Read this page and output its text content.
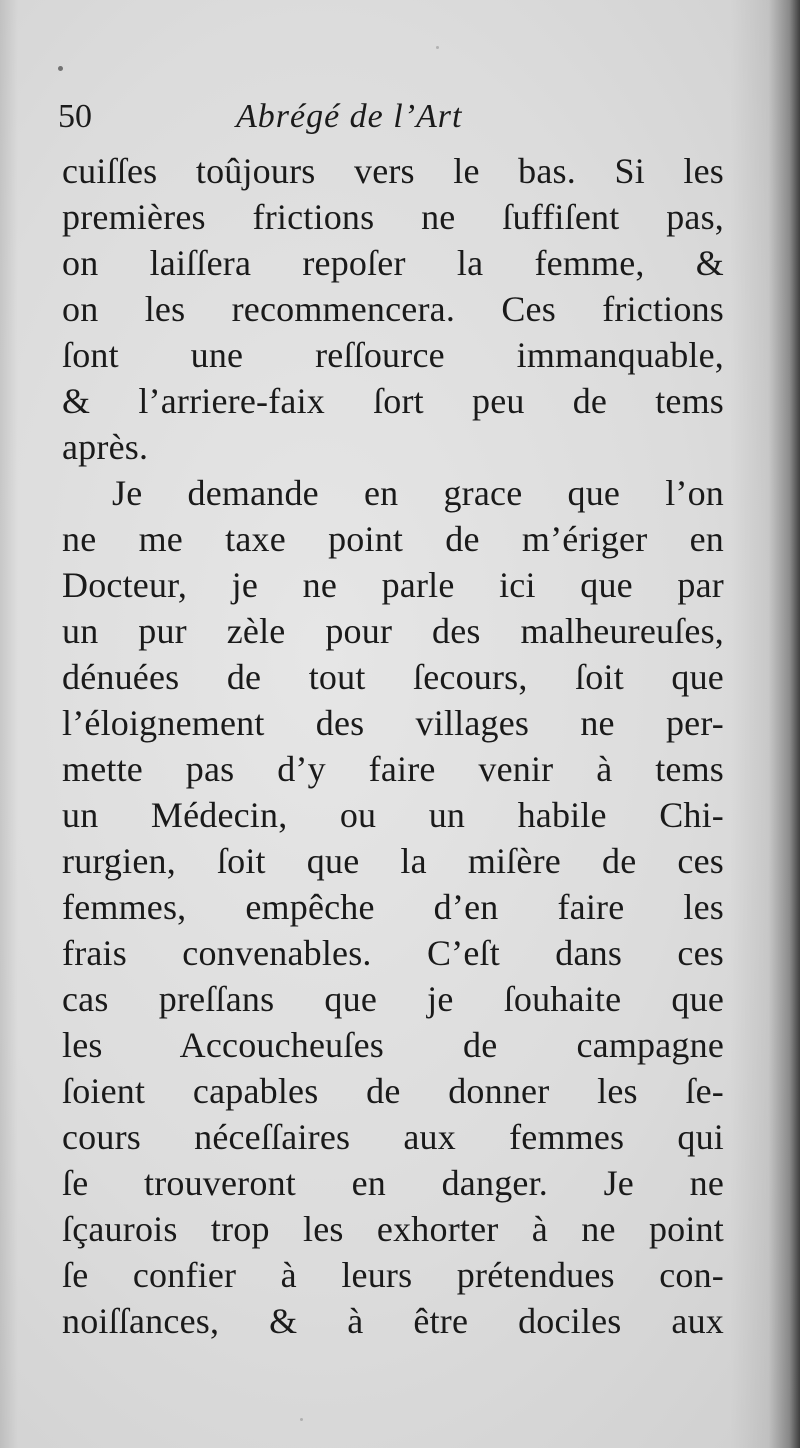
50	Abrégé de l’Art
cuiſſes toûjours vers le bas. Si les
premières frictions ne ſuffiſent pas,
on laiſſera repoſer la femme, &
on les recommencera. Ces frictions
ſont une reſſource immanquable,
& l’arriere-faix ſort peu de tems
après.
Je demande en grace que l’on
ne me taxe point de m’ériger en
Docteur, je ne parle ici que par
un pur zèle pour des malheureuſes,
dénuées de tout ſecours, ſoit que
l’éloignement des villages ne per-
mette pas d’y faire venir à tems
un Médecin, ou un habile Chi-
rurgien, ſoit que la miſère de ces
femmes, empêche d’en faire les
frais convenables. C’eſt dans ces
cas preſſans que je ſouhaite que
les Accoucheuſes de campagne
ſoient capables de donner les ſe-
cours néceſſaires aux femmes qui
ſe trouveront en danger. Je ne
ſçaurois trop les exhorter à ne point
ſe confier à leurs prétendues con-
noiſſances, & à être dociles aux
